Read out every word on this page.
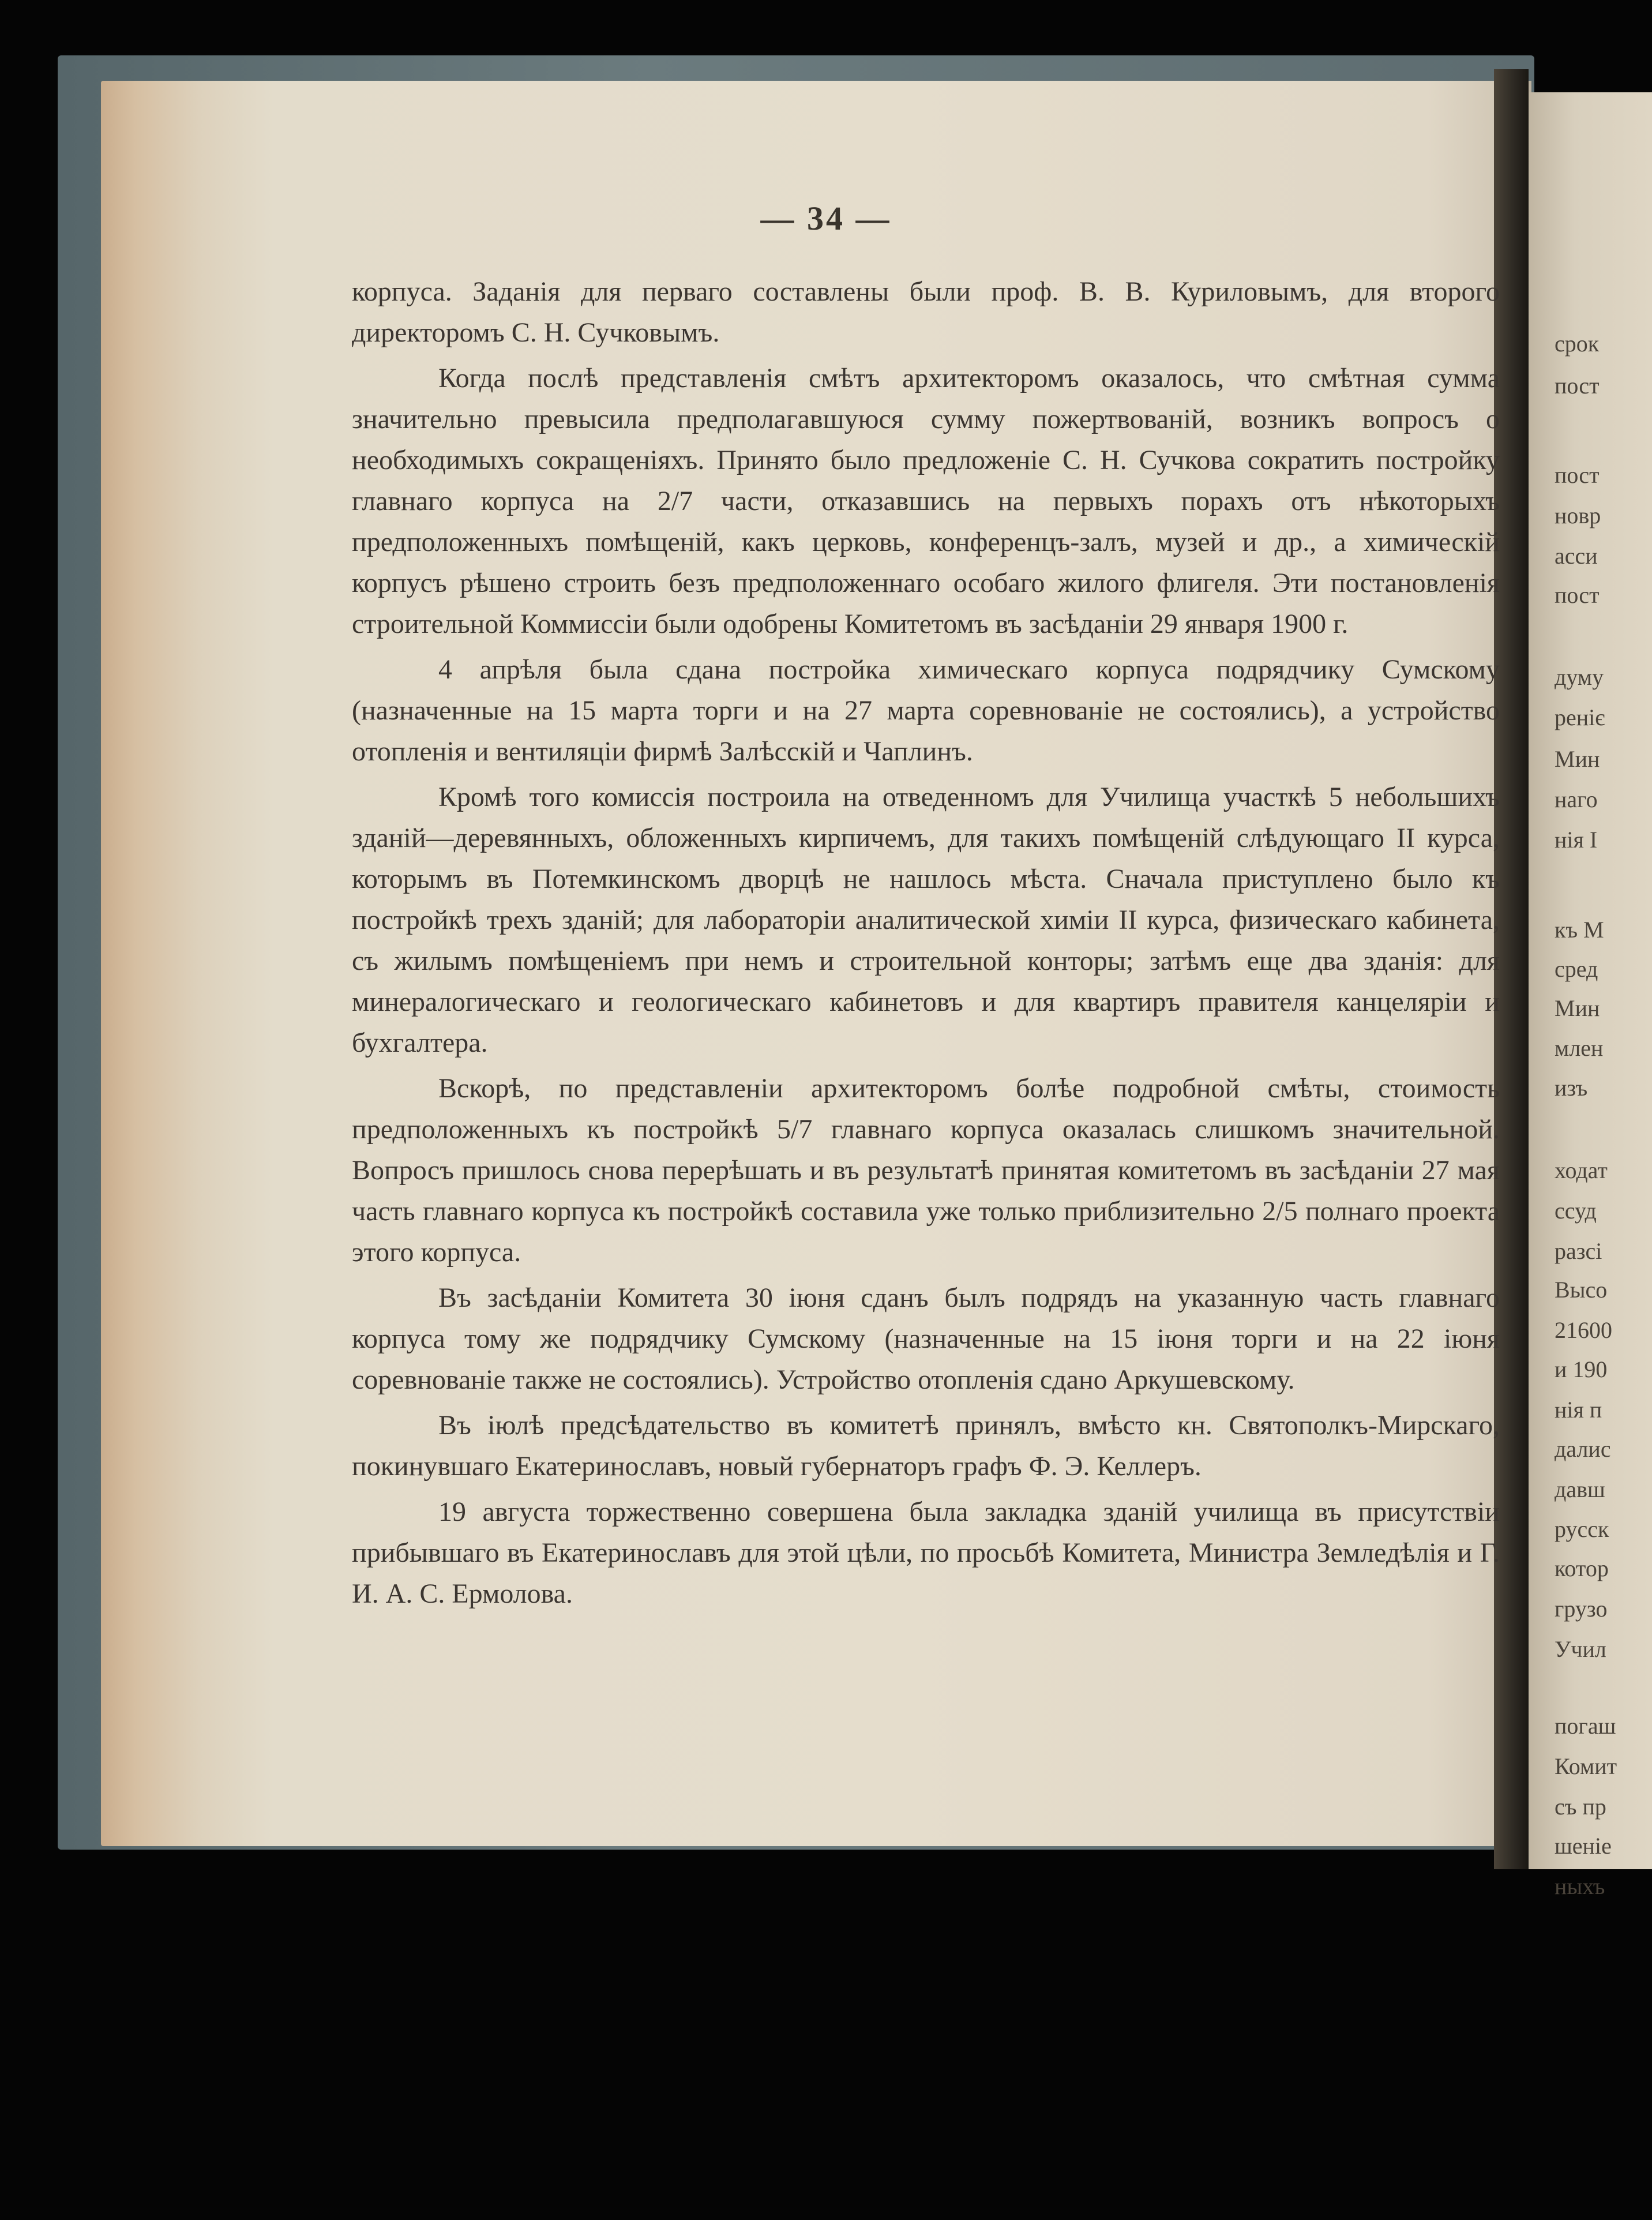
— 34 —

корпуса. Заданія для перваго составлены были проф. В. В. Куриловымъ, для второго директоромъ С. Н. Сучковымъ.

Когда послѣ представленія смѣтъ архитекторомъ оказалось, что смѣтная сумма значительно превысила предполагавшуюся сумму пожертвованій, возникъ вопросъ о необходимыхъ сокращеніяхъ. Принято было предложеніе С. Н. Сучкова сократить постройку главнаго корпуса на 2/7 части, отказавшись на первыхъ порахъ отъ нѣкоторыхъ предположенныхъ помѣщеній, какъ церковь, конференцъ-залъ, музей и др., а химическій корпусъ рѣшено строить безъ предположеннаго особаго жилого флигеля. Эти постановленія строительной Коммиссіи были одобрены Комитетомъ въ засѣданіи 29 января 1900 г.

4 апрѣля была сдана постройка химическаго корпуса подрядчику Сумскому (назначенные на 15 марта торги и на 27 марта соревнованіе не состоялись), а устройство отопленія и вентиляціи фирмѣ Залѣсскій и Чаплинъ.

Кромѣ того комиссія построила на отведенномъ для Училища участкѣ 5 небольшихъ зданій—деревянныхъ, обложенныхъ кирпичемъ, для такихъ помѣщеній слѣдующаго II курса, которымъ въ Потемкинскомъ дворцѣ не нашлось мѣста. Сначала приступлено было къ постройкѣ трехъ зданій; для лабораторіи аналитической химіи II курса, физическаго кабинета, съ жилымъ помѣщеніемъ при немъ и строительной конторы; затѣмъ еще два зданія: для минералогическаго и геологическаго кабинетовъ и для квартиръ правителя канцеляріи и бухгалтера.

Вскорѣ, по представленіи архитекторомъ болѣе подробной смѣты, стоимость предположенныхъ къ постройкѣ 5/7 главнаго корпуса оказалась слишкомъ значительной. Вопросъ пришлось снова перерѣшать и въ результатѣ принятая комитетомъ въ засѣданіи 27 мая часть главнаго корпуса къ постройкѣ составила уже только приблизительно 2/5 полнаго проекта этого корпуса.

Въ засѣданіи Комитета 30 іюня сданъ былъ подрядъ на указанную часть главнаго корпуса тому же подрядчику Сумскому (назначенные на 15 іюня торги и на 22 іюня соревнованіе также не состоялись). Устройство отопленія сдано Аркушевскому.

Въ іюлѣ предсѣдательство въ комитетѣ принялъ, вмѣсто кн. Святополкъ-Мирскаго, покинувшаго Екатеринославъ, новый губернаторъ графъ Ф. Э. Келлеръ.

19 августа торжественно совершена была закладка зданій училища въ присутствіи прибывшаго въ Екатеринославъ для этой цѣли, по просьбѣ Комитета, Министра Земледѣлія и Г. И. А. С. Ермолова.

срок
пост
пост
новр
асси
пост
думу
реніє
Мин
наго
нія І
къ М
сред
Мин
млен
изъ
ходат
ссуд
разсі
Высо
21600
и 190
нія п
далис
давш
русск
котор
грузо
Учил
погаш
Комит
съ пр
шеніе
ныхъ
